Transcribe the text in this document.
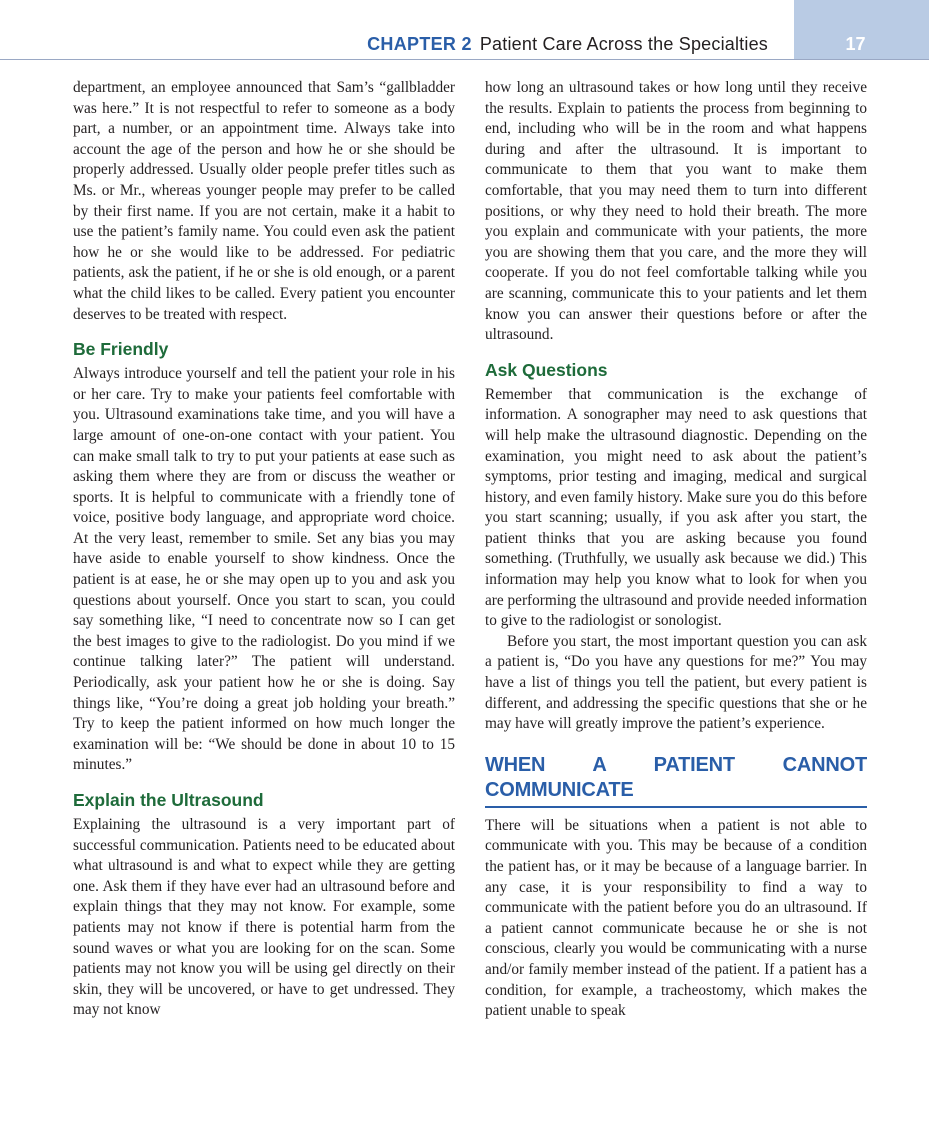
17
CHAPTER 2 Patient Care Across the Specialties

department, an employee announced that Sam’s “gallbladder was here.” It is not respectful to refer to someone as a body part, a number, or an appointment time. Always take into account the age of the person and how he or she should be properly addressed. Usually older people prefer titles such as Ms. or Mr., whereas younger people may prefer to be called by their first name. If you are not certain, make it a habit to use the patient’s family name. You could even ask the patient how he or she would like to be addressed. For pediatric patients, ask the patient, if he or she is old enough, or a parent what the child likes to be called. Every patient you encounter deserves to be treated with respect.

Be Friendly

Always introduce yourself and tell the patient your role in his or her care. Try to make your patients feel comfortable with you. Ultrasound examinations take time, and you will have a large amount of one-on-one contact with your patient. You can make small talk to try to put your patients at ease such as asking them where they are from or discuss the weather or sports. It is helpful to communicate with a friendly tone of voice, positive body language, and appropriate word choice. At the very least, remember to smile. Set any bias you may have aside to enable yourself to show kindness. Once the patient is at ease, he or she may open up to you and ask you questions about yourself. Once you start to scan, you could say something like, “I need to concentrate now so I can get the best images to give to the radiologist. Do you mind if we continue talking later?” The patient will understand. Periodically, ask your patient how he or she is doing. Say things like, “You’re doing a great job holding your breath.” Try to keep the patient informed on how much longer the examination will be: “We should be done in about 10 to 15 minutes.”

Explain the Ultrasound

Explaining the ultrasound is a very important part of successful communication. Patients need to be educated about what ultrasound is and what to expect while they are getting one. Ask them if they have ever had an ultrasound before and explain things that they may not know. For example, some patients may not know if there is potential harm from the sound waves or what you are looking for on the scan. Some patients may not know you will be using gel directly on their skin, they will be uncovered, or have to get undressed. They may not know

how long an ultrasound takes or how long until they receive the results. Explain to patients the process from beginning to end, including who will be in the room and what happens during and after the ultrasound. It is important to communicate to them that you want to make them comfortable, that you may need them to turn into different positions, or why they need to hold their breath. The more you explain and communicate with your patients, the more you are showing them that you care, and the more they will cooperate. If you do not feel comfortable talking while you are scanning, communicate this to your patients and let them know you can answer their questions before or after the ultrasound.

Ask Questions

Remember that communication is the exchange of information. A sonographer may need to ask questions that will help make the ultrasound diagnostic. Depending on the examination, you might need to ask about the patient’s symptoms, prior testing and imaging, medical and surgical history, and even family history. Make sure you do this before you start scanning; usually, if you ask after you start, the patient thinks that you are asking because you found something. (Truthfully, we usually ask because we did.) This information may help you know what to look for when you are performing the ultrasound and provide needed information to give to the radiologist or sonologist.

Before you start, the most important question you can ask a patient is, “Do you have any questions for me?” You may have a list of things you tell the patient, but every patient is different, and addressing the specific questions that she or he may have will greatly improve the patient’s experience.

WHEN A PATIENT CANNOT COMMUNICATE

There will be situations when a patient is not able to communicate with you. This may be because of a condition the patient has, or it may be because of a language barrier. In any case, it is your responsibility to find a way to communicate with the patient before you do an ultrasound. If a patient cannot communicate because he or she is not conscious, clearly you would be communicating with a nurse and/or family member instead of the patient. If a patient has a condition, for example, a tracheostomy, which makes the patient unable to speak
